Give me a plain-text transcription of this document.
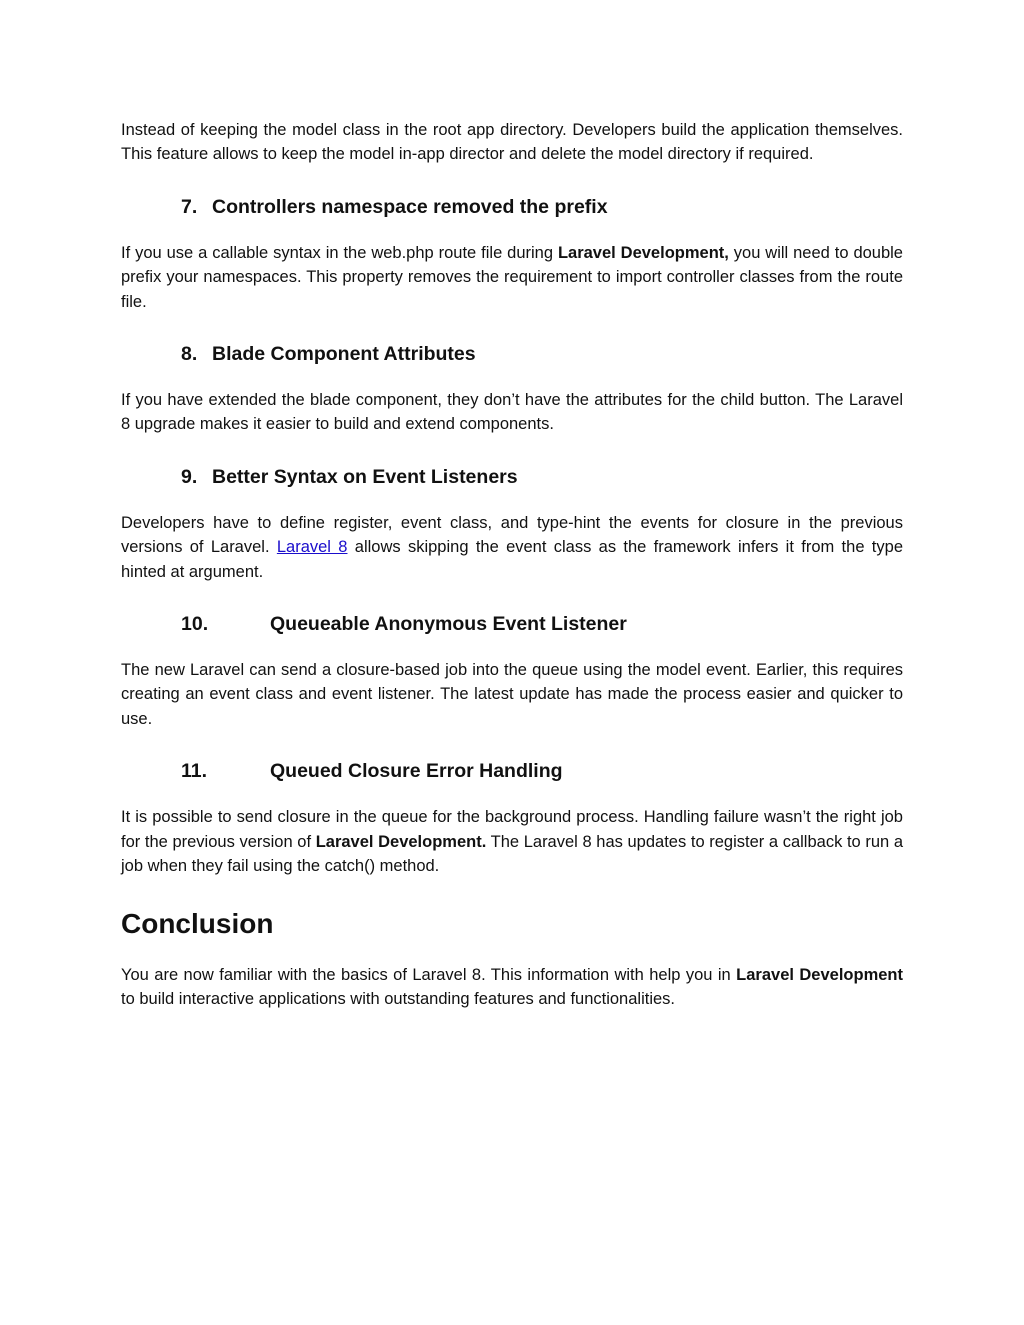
Instead of keeping the model class in the root app directory. Developers build the application themselves. This feature allows to keep the model in-app director and delete the model directory if required.

7. Controllers namespace removed the prefix

If you use a callable syntax in the web.php route file during Laravel Development, you will need to double prefix your namespaces. This property removes the requirement to import controller classes from the route file.

8. Blade Component Attributes

If you have extended the blade component, they don’t have the attributes for the child button. The Laravel 8 upgrade makes it easier to build and extend components.

9. Better Syntax on Event Listeners

Developers have to define register, event class, and type-hint the events for closure in the previous versions of Laravel. Laravel 8 allows skipping the event class as the framework infers it from the type hinted at argument.

10.	Queueable Anonymous Event Listener

The new Laravel can send a closure-based job into the queue using the model event. Earlier, this requires creating an event class and event listener. The latest update has made the process easier and quicker to use.

11.	Queued Closure Error Handling

It is possible to send closure in the queue for the background process. Handling failure wasn’t the right job for the previous version of Laravel Development. The Laravel 8 has updates to register a callback to run a job when they fail using the catch() method.

Conclusion

You are now familiar with the basics of Laravel 8. This information with help you in Laravel Development to build interactive applications with outstanding features and functionalities.
